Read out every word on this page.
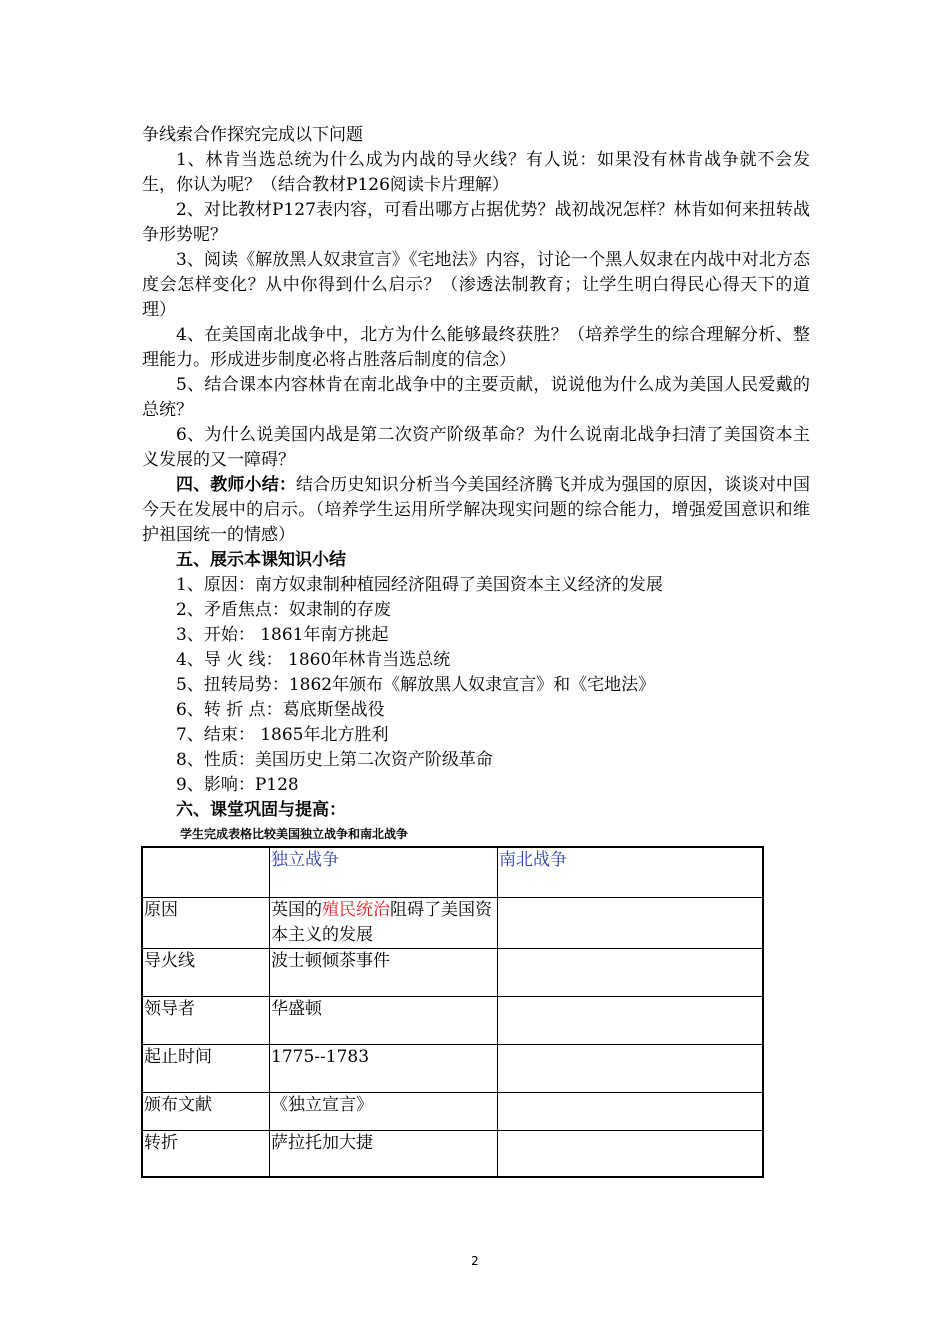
争线索合作探究完成以下问题

1、林肯当选总统为什么成为内战的导火线？有人说：如果没有林肯战争就不会发生，你认为呢？（结合教材P126阅读卡片理解）

2、对比教材P127表内容，可看出哪方占据优势？战初战况怎样？林肯如何来扭转战争形势呢？

3、阅读《解放黑人奴隶宣言》《宅地法》内容，讨论一个黑人奴隶在内战中对北方态度会怎样变化？从中你得到什么启示？（渗透法制教育；让学生明白得民心得天下的道理）

4、在美国南北战争中，北方为什么能够最终获胜？（培养学生的综合理解分析、整理能力。形成进步制度必将占胜落后制度的信念）

5、结合课本内容林肯在南北战争中的主要贡献，说说他为什么成为美国人民爱戴的总统？

6、为什么说美国内战是第二次资产阶级革命？为什么说南北战争扫清了美国资本主义发展的又一障碍？

四、教师小结：结合历史知识分析当今美国经济腾飞并成为强国的原因，谈谈对中国今天在发展中的启示。（培养学生运用所学解决现实问题的综合能力，增强爱国意识和维护祖国统一的情感）

五、展示本课知识小结

1、原因：南方奴隶制种植园经济阻碍了美国资本主义经济的发展

2、矛盾焦点：奴隶制的存废

3、开始： 1861年南方挑起

4、导 火 线： 1860年林肯当选总统

5、扭转局势：1862年颁布《解放黑人奴隶宣言》和《宅地法》

6、转 折 点：葛底斯堡战役

7、结束： 1865年北方胜利

8、性质：美国历史上第二次资产阶级革命

9、影响：P128

六、课堂巩固与提高：

学生完成表格比较美国独立战争和南北战争
	独立战争	南北战争
原因	英国的殖民统治阻碍了美国资本主义的发展	
导火线	波士顿倾茶事件	
领导者	华盛顿	
起止时间	1775--1783	
颁布文献	《独立宣言》	
转折	萨拉托加大捷	
2
